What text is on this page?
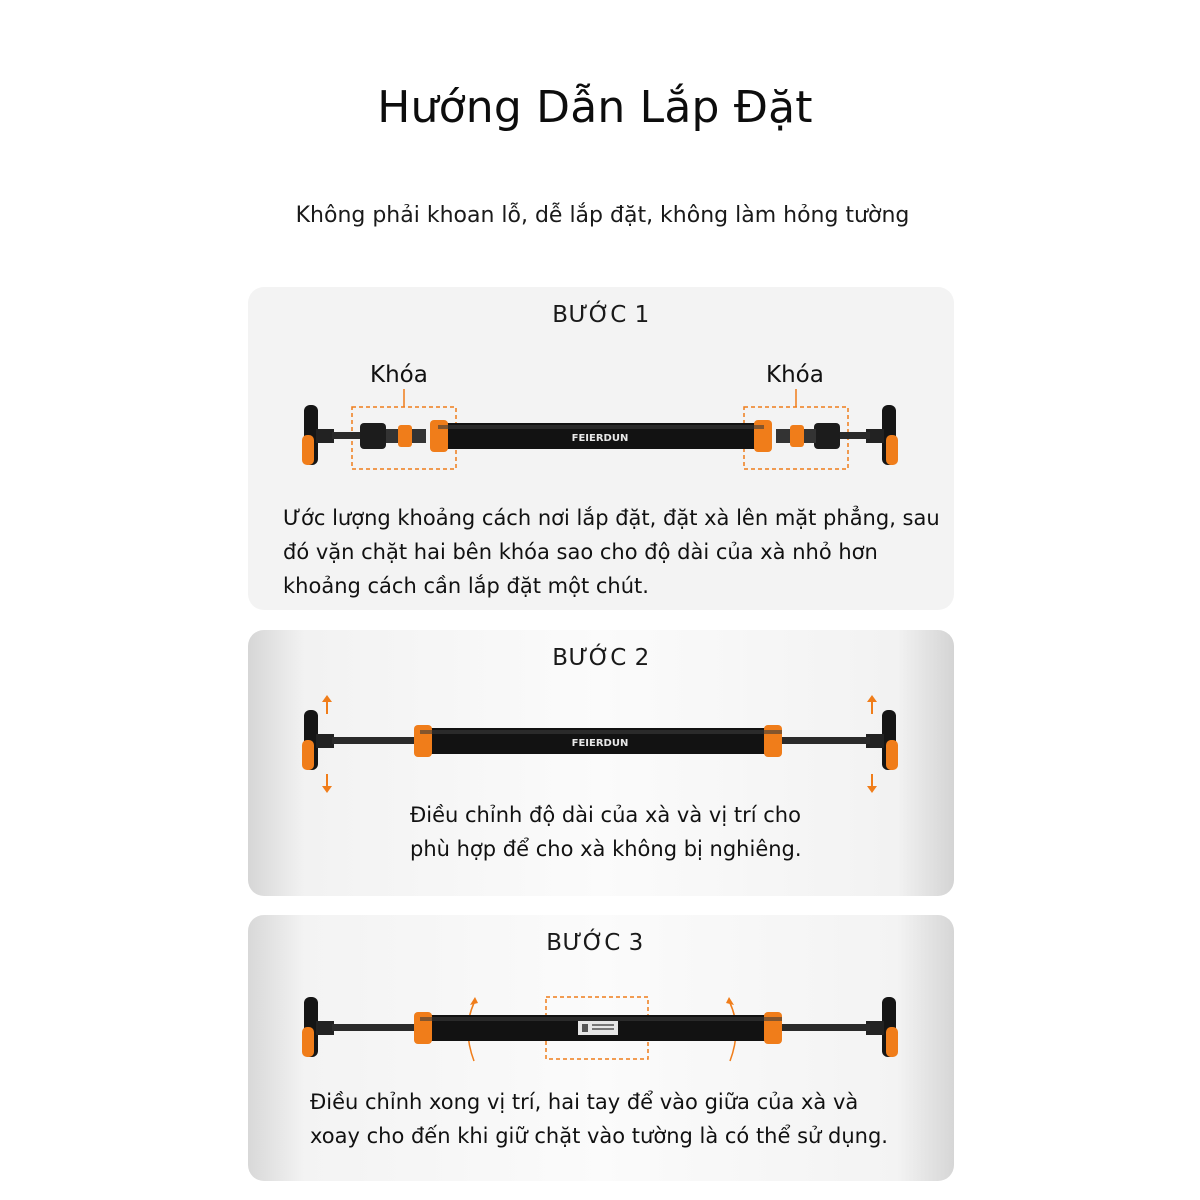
Hướng Dẫn Lắp Đặt
Không phải khoan lỗ, dễ lắp đặt, không làm hỏng tường
BƯỚC 1
Khóa	Khóa
FEIERDUN
Ước lượng khoảng cách nơi lắp đặt, đặt xà lên mặt phẳng, sau đó vặn chặt hai bên khóa sao cho độ dài của xà nhỏ hơn khoảng cách cần lắp đặt một chút.
BƯỚC 2
FEIERDUN
Điều chỉnh độ dài của xà và vị trí cho
phù hợp để cho xà không bị nghiêng.
BƯỚC 3
Điều chỉnh xong vị trí, hai tay để vào giữa của xà và
xoay cho đến khi giữ chặt vào tường là có thể sử dụng.
